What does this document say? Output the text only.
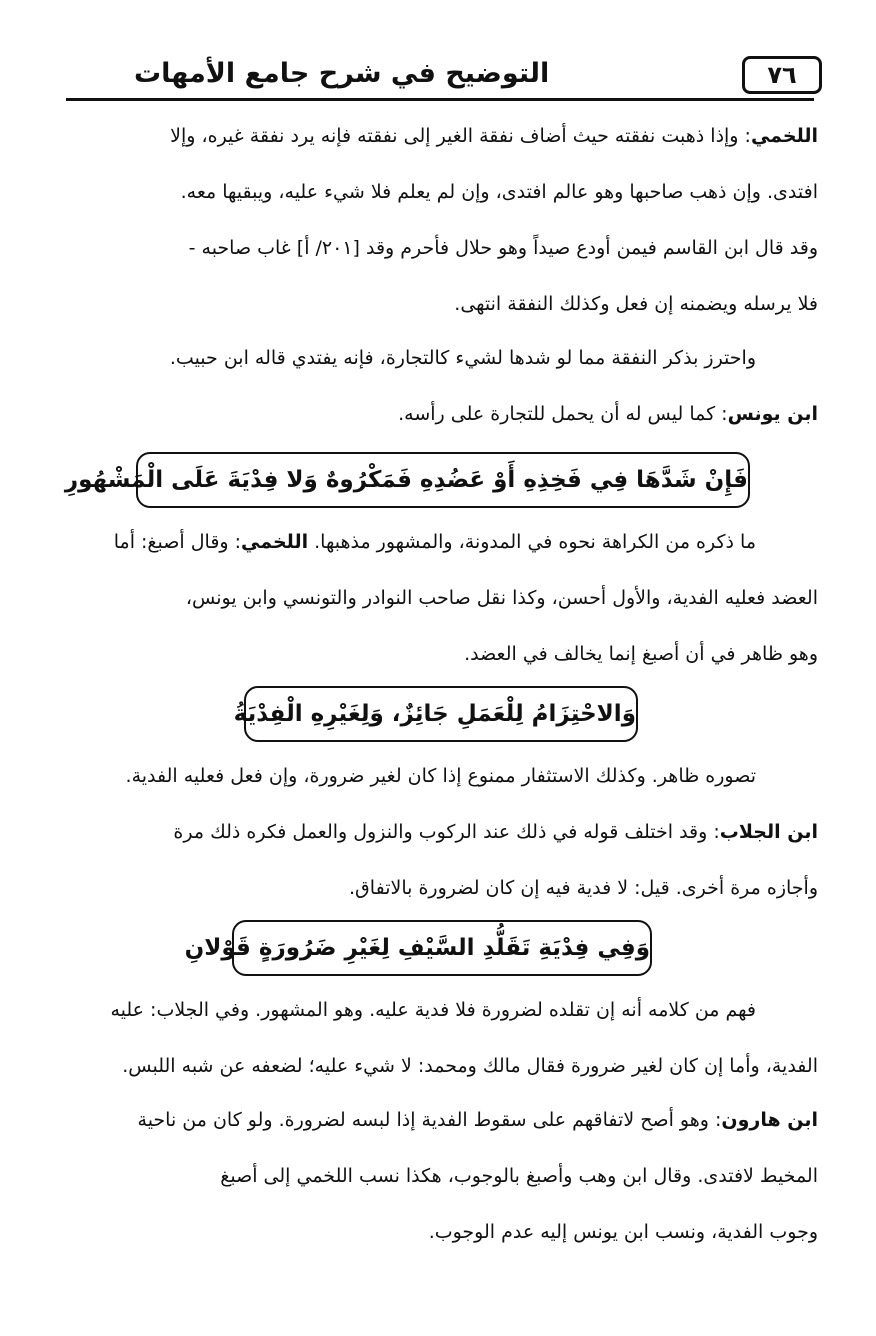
التوضيح في شرح جامع الأمهات	٧٦
اللخمي: وإذا ذهبت نفقته حيث أضاف نفقة الغير إلى نفقته فإنه يرد نفقة غيره، وإلا
افتدى. وإن ذهب صاحبها وهو عالم افتدى، وإن لم يعلم فلا شيء عليه، ويبقيها معه.
وقد قال ابن القاسم فيمن أودع صيداً وهو حلال فأحرم وقد [٢٠١/ أ] غاب صاحبه -
فلا يرسله ويضمنه إن فعل وكذلك النفقة انتهى.
واحترز بذكر النفقة مما لو شدها لشيء كالتجارة، فإنه يفتدي قاله ابن حبيب.
ابن يونس: كما ليس له أن يحمل للتجارة على رأسه.
فَإِنْ شَدَّهَا فِي فَخِذِهِ أَوْ عَضُدِهِ فَمَكْرُوهٌ وَلا فِدْيَةَ عَلَى الْمَشْهُورِ
ما ذكره من الكراهة نحوه في المدونة، والمشهور مذهبها. اللخمي: وقال أصبغ: أما
العضد فعليه الفدية، والأول أحسن، وكذا نقل صاحب النوادر والتونسي وابن يونس،
وهو ظاهر في أن أصبغ إنما يخالف في العضد.
وَالاحْتِزَامُ لِلْعَمَلِ جَائِزٌ، وَلِغَيْرِهِ الْفِدْيَةُ
تصوره ظاهر. وكذلك الاستثفار ممنوع إذا كان لغير ضرورة، وإن فعل فعليه الفدية.
ابن الجلاب: وقد اختلف قوله في ذلك عند الركوب والنزول والعمل فكره ذلك مرة
وأجازه مرة أخرى. قيل: لا فدية فيه إن كان لضرورة بالاتفاق.
وَفِي فِدْيَةِ تَقَلُّدِ السَّيْفِ لِغَيْرِ ضَرُورَةٍ قَوْلانِ
فهم من كلامه أنه إن تقلده لضرورة فلا فدية عليه. وهو المشهور. وفي الجلاب: عليه
الفدية، وأما إن كان لغير ضرورة فقال مالك ومحمد: لا شيء عليه؛ لضعفه عن شبه اللبس.
ابن هارون: وهو أصح لاتفاقهم على سقوط الفدية إذا لبسه لضرورة. ولو كان من ناحية
المخيط لافتدى. وقال ابن وهب وأصبغ بالوجوب، هكذا نسب اللخمي إلى أصبغ
وجوب الفدية، ونسب ابن يونس إليه عدم الوجوب.
